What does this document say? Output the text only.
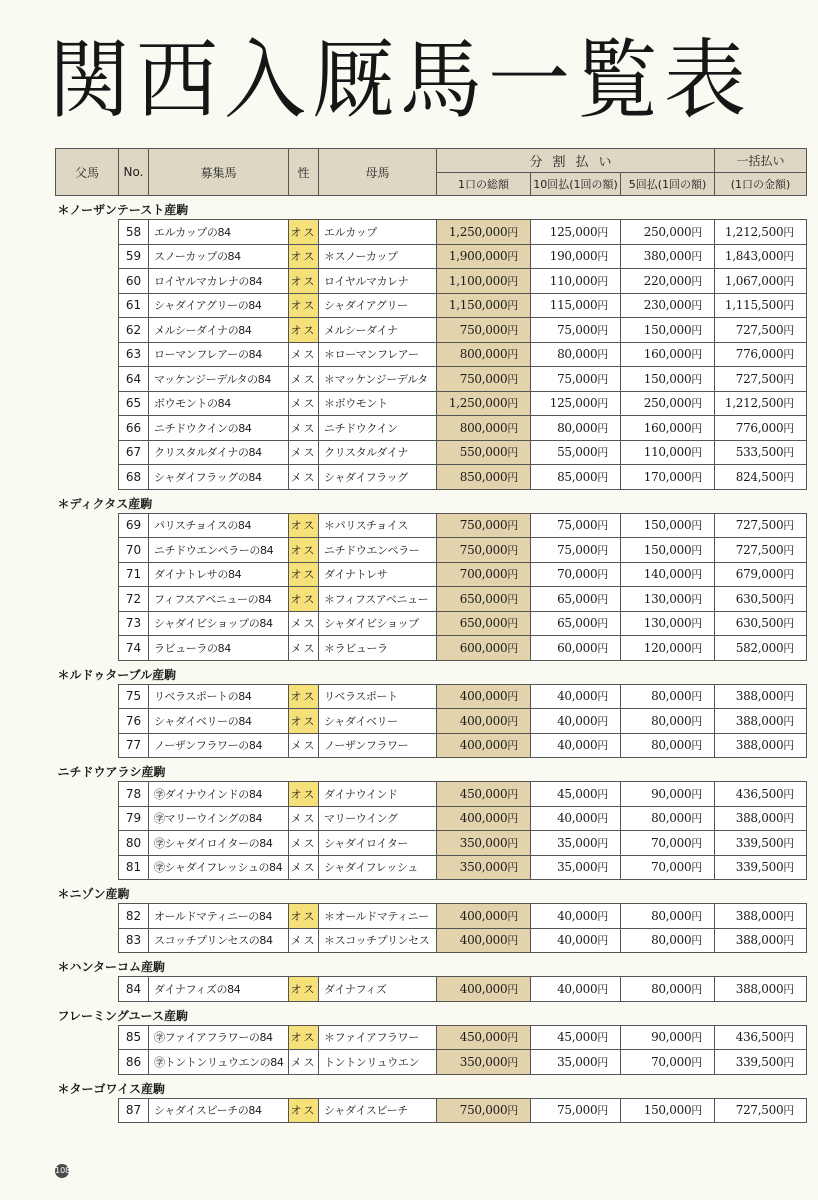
関西入厩馬一覧表
父馬	No.	募集馬	性	母馬	分割払い			一括払い
					1口の総額	10回払(1回の額)	5回払(1回の額)	(1口の金額)
＊ノーザンテースト産駒								
	58	エルカップの84	オス	エルカップ	1,250,000円	125,000円	250,000円	1,212,500円
	59	スノーカップの84	オス	＊スノーカップ	1,900,000円	190,000円	380,000円	1,843,000円
	60	ロイヤルマカレナの84	オス	ロイヤルマカレナ	1,100,000円	110,000円	220,000円	1,067,000円
	61	シャダイアグリーの84	オス	シャダイアグリー	1,150,000円	115,000円	230,000円	1,115,500円
	62	メルシーダイナの84	オス	メルシーダイナ	750,000円	75,000円	150,000円	727,500円
	63	ローマンフレアーの84	メス	＊ローマンフレアー	800,000円	80,000円	160,000円	776,000円
	64	マッケンジーデルタの84	メス	＊マッケンジーデルタ	750,000円	75,000円	150,000円	727,500円
	65	ボウモントの84	メス	＊ボウモント	1,250,000円	125,000円	250,000円	1,212,500円
	66	ニチドウクインの84	メス	ニチドウクイン	800,000円	80,000円	160,000円	776,000円
	67	クリスタルダイナの84	メス	クリスタルダイナ	550,000円	55,000円	110,000円	533,500円
	68	シャダイフラッグの84	メス	シャダイフラッグ	850,000円	85,000円	170,000円	824,500円
＊ディクタス産駒								
	69	パリスチョイスの84	オス	＊パリスチョイス	750,000円	75,000円	150,000円	727,500円
	70	ニチドウエンペラーの84	オス	ニチドウエンペラー	750,000円	75,000円	150,000円	727,500円
	71	ダイナトレサの84	オス	ダイナトレサ	700,000円	70,000円	140,000円	679,000円
	72	フィフスアベニューの84	オス	＊フィフスアベニュー	650,000円	65,000円	130,000円	630,500円
	73	シャダイビショップの84	メス	シャダイビショップ	650,000円	65,000円	130,000円	630,500円
	74	ラビューラの84	メス	＊ラビューラ	600,000円	60,000円	120,000円	582,000円
＊ルドゥターブル産駒								
	75	リベラスポートの84	オス	リベラスポート	400,000円	40,000円	80,000円	388,000円
	76	シャダイベリーの84	オス	シャダイベリー	400,000円	40,000円	80,000円	388,000円
	77	ノーザンフラワーの84	メス	ノーザンフラワー	400,000円	40,000円	80,000円	388,000円
ニチドウアラシ産駒								
	78	㊫ダイナウインドの84	オス	ダイナウインド	450,000円	45,000円	90,000円	436,500円
	79	㊫マリーウイングの84	メス	マリーウイング	400,000円	40,000円	80,000円	388,000円
	80	㊫シャダイロイターの84	メス	シャダイロイター	350,000円	35,000円	70,000円	339,500円
	81	㊫シャダイフレッシュの84	メス	シャダイフレッシュ	350,000円	35,000円	70,000円	339,500円
＊ニゾン産駒								
	82	オールドマティニーの84	オス	＊オールドマティニー	400,000円	40,000円	80,000円	388,000円
	83	スコッチプリンセスの84	メス	＊スコッチプリンセス	400,000円	40,000円	80,000円	388,000円
＊ハンターコム産駒								
	84	ダイナフィズの84	オス	ダイナフィズ	400,000円	40,000円	80,000円	388,000円
フレーミングユース産駒								
	85	㊫ファイアフラワーの84	オス	＊ファイアフラワー	450,000円	45,000円	90,000円	436,500円
	86	㊫トントンリュウエンの84	メス	トントンリュウエン	350,000円	35,000円	70,000円	339,500円
＊ターゴワイス産駒								
	87	シャダイスピーチの84	オス	シャダイスピーチ	750,000円	75,000円	150,000円	727,500円
108
